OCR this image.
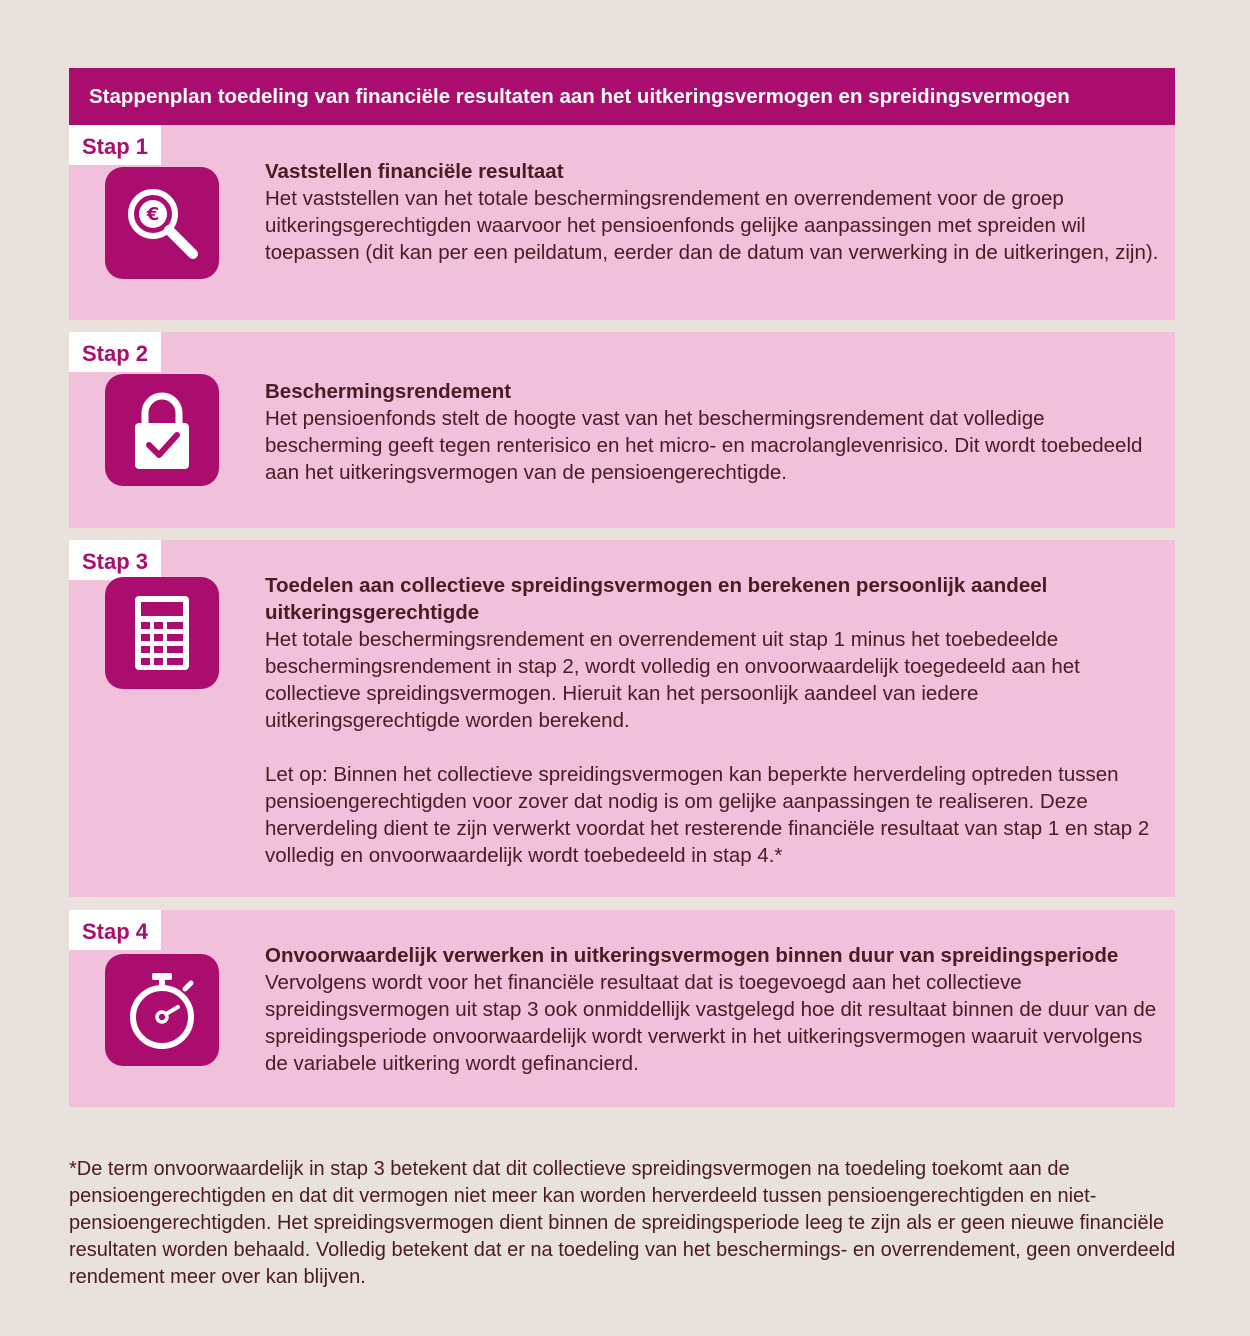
Stappenplan toedeling van financiële resultaten aan het uitkeringsvermogen en spreidingsvermogen
Stap 1
€
Vaststellen financiële resultaat
Het vaststellen van het totale beschermingsrendement en overrendement voor de groep uitkeringsgerechtigden waarvoor het pensioenfonds gelijke aanpassingen met spreiden wil toepassen (dit kan per een peildatum, eerder dan de datum van verwerking in de uitkeringen, zijn).
Stap 2
Beschermingsrendement
Het pensioenfonds stelt de hoogte vast van het beschermingsrendement dat volledige bescherming geeft tegen renterisico en het micro- en macrolanglevenrisico. Dit wordt toebedeeld aan het uitkeringsvermogen van de pensioengerechtigde.
Stap 3
Toedelen aan collectieve spreidingsvermogen en berekenen persoonlijk aandeel uitkeringsgerechtigde
Het totale beschermingsrendement en overrendement uit stap 1 minus het toebedeelde beschermingsrendement in stap 2, wordt volledig en onvoorwaardelijk toegedeeld aan het collectieve spreidingsvermogen. Hieruit kan het persoonlijk aandeel van iedere uitkeringsgerechtigde worden berekend.
Let op: Binnen het collectieve spreidingsvermogen kan beperkte herverdeling optreden tussen pensioengerechtigden voor zover dat nodig is om gelijke aanpassingen te realiseren. Deze herverdeling dient te zijn verwerkt voordat het resterende financiële resultaat van stap 1 en stap 2 volledig en onvoorwaardelijk wordt toebedeeld in stap 4.*
Stap 4
Onvoorwaardelijk verwerken in uitkeringsvermogen binnen duur van spreidingsperiode
Vervolgens wordt voor het financiële resultaat dat is toegevoegd aan het collectieve spreidingsvermogen uit stap 3 ook onmiddellijk vastgelegd hoe dit resultaat binnen de duur van de spreidingsperiode onvoorwaardelijk wordt verwerkt in het uitkeringsvermogen waaruit vervolgens de variabele uitkering wordt gefinancierd.
*De term onvoorwaardelijk in stap 3 betekent dat dit collectieve spreidingsvermogen na toedeling toekomt aan de pensioengerechtigden en dat dit vermogen niet meer kan worden herverdeeld tussen pensioengerechtigden en niet-pensioengerechtigden. Het spreidingsvermogen dient binnen de spreidingsperiode leeg te zijn als er geen nieuwe financiële resultaten worden behaald. Volledig betekent dat er na toedeling van het beschermings- en overrendement, geen onverdeeld rendement meer over kan blijven.
